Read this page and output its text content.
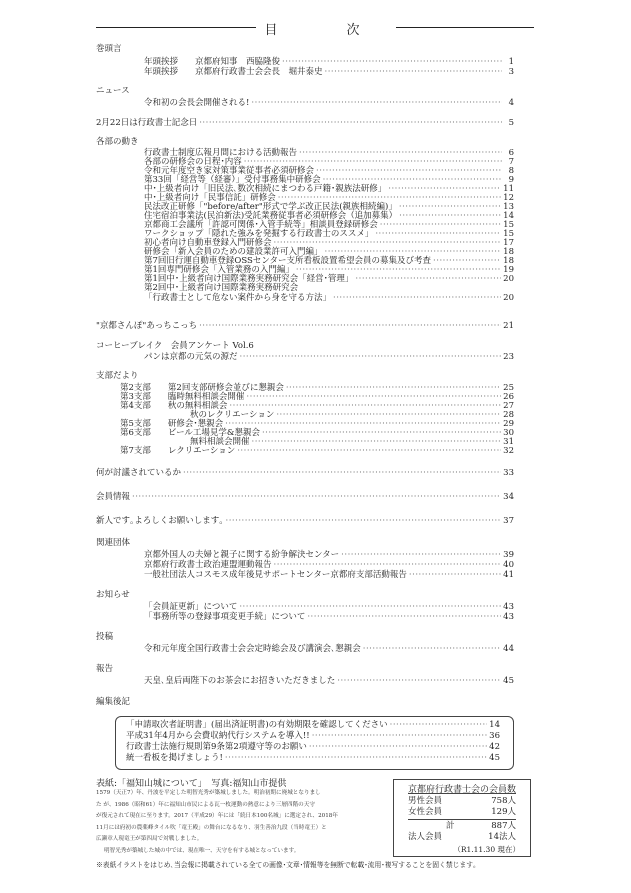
目　次
巻頭言
年頭挨拶　　京都府知事　西脇隆俊 ·····	1
年頭挨拶　　京都府行政書士会会長　堀井泰史 ·····	3
ニュース
令和初の会長会開催される! ·····	4
2月22日は行政書士記念日 ·····	5
各部の動き
行政書士制度広報月間における活動報告 ·····	6
各部の研修会の日程･内容 ·····	7
令和元年度空き家対策事業従事者必須研修会 ·····	8
第33回「経営等（経審）」受付事務集中研修会 ·····	9
中･上級者向け「旧民法､数次相続にまつわる戸籍･親族法研修」 ·····	11
中･上級者向け「民事信託」研修会 ·····	12
民法改正研修「"before/after"形式で学ぶ改正民法(親族相続編)」 ·····	13
住宅宿泊事業法(民泊新法)受託業務従事者必須研修会（追加募集） ·····	14
京都商工会議所「許認可関係･入管手続等」相談員登録研修会 ·····	15
ワークショップ「隠れた強みを発掘する行政書士のススメ」 ·····	15
初心者向け自動車登録入門研修会 ·····	17
研修会「新入会員のための建設業許可入門編」 ·····	18
第7回旧行運自動車登録OSSセンター支所看板設置希望会員の募集及び考査 ·····	18
第1回専門研修会「入管業務の入門編」 ·····	19
第1回中･上級者向け国際業務実務研究会「経営･管理」 ·····	20
第2回中･上級者向け国際業務実務研究会
「行政書士として危ない案件から身を守る方法」 ·····	20
"京都さんぽ"あっちこっち ·····	21
コーヒーブレイク　会員アンケート Vol.6
パンは京都の元気の源だ ·····	23
支部だより
第2支部　　第2回支部研修会並びに懇親会 ·····	25
第3支部　　臨時無料相談会開催 ·····	26
第4支部　　秋の無料相談会 ·····	27
秋のレクリエーション ·····	28
第5支部　　研修会･懇親会 ·····	29
第6支部　　ビール工場見学&懇親会 ·····	30
無料相談会開催 ·····	31
第7支部　　レクリエーション ·····	32
何が討議されているか ·····	33
会員情報 ·····	34
新人です｡よろしくお願いします｡ ·····	37
関連団体
京都外国人の夫婦と親子に関する紛争解決センター ·····	39
京都府行政書士政治連盟運動報告 ·····	40
一般社団法人コスモス成年後見サポートセンター京都府支部活動報告 ·····	41
お知らせ
「会員証更新」について ·····	43
「事務所等の登録事項変更手続」について ·····	43
投稿
令和元年度全国行政書士会会定時総会及び講演会､懇親会 ·····	44
報告
天皇､皇后両陛下のお茶会にお招きいただきました ·····	45
編集後記
「申請取次者証明書」(届出済証明書)の有効期限を確認してください ·····	14
平成31年4月から会費収納代行システムを導入!! ·····	36
行政書士法施行規則第9条第2項遵守等のお願い ·····	42
統一看板を掲げましょう! ·····	45
表紙:「福知山城について」　写真:福知山市提供
1579（天正7）年、丹波を平定した明智光秀が築城しました。明治初期に廃城となりまし
た が、1986（昭和61）年に福知山市民による瓦一枚運動の熱意により三層四階の天守
が復元されて現在に至ります。2017（平成29）年には「続日本100名城」に選定され、2018年
11月には府初の農薬峰タイル吹「竜王殿」の舞台になるなり、羽生善治九段（当時竜王）と
広瀬章人現竜王が第四局で対戦しました。
明智光秀が築城した城の中では、現在唯一、天守を有する城となっています。
京都府行政書士会の会員数
男性会員	758人
女性会員	129人
計	887人
法人会員	14法人
（R1.11.30 現在）
※表紙イラストをはじめ､当会報に掲載されている全ての画像･文章･情報等を無断で転載･流用･複写することを固く禁じます｡
